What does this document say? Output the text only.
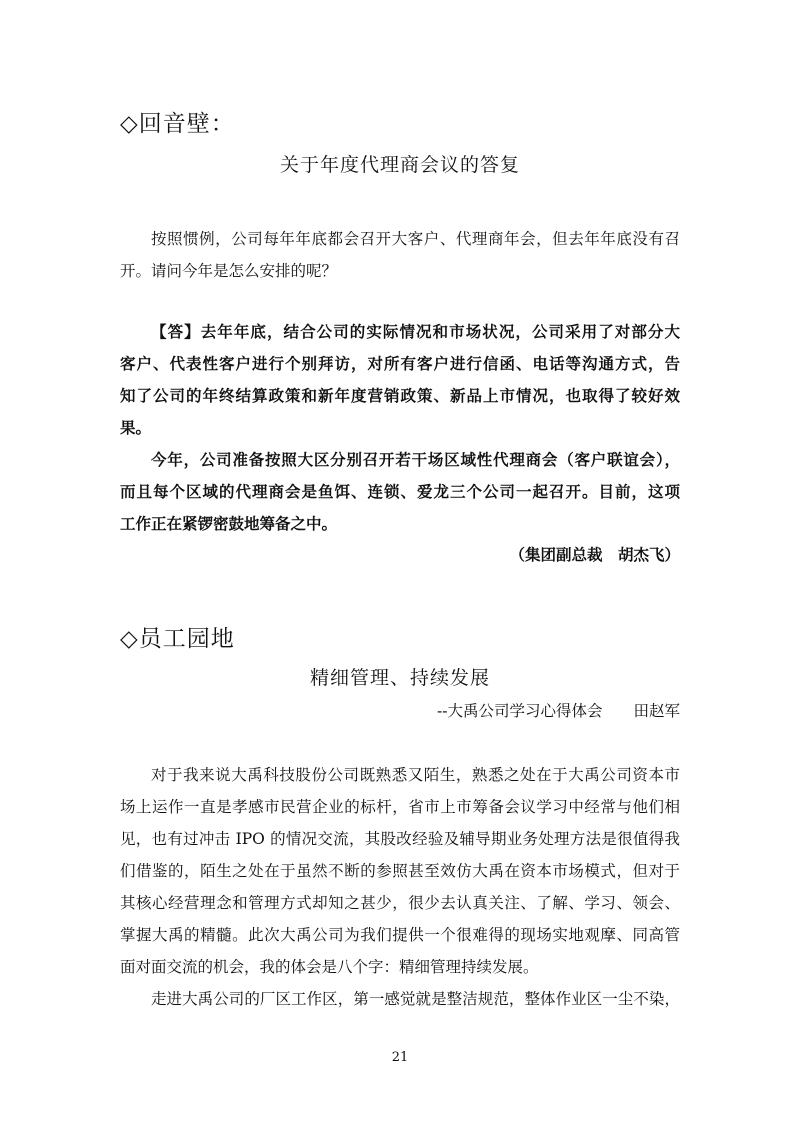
◇回音壁：
关于年度代理商会议的答复
按照惯例，公司每年年底都会召开大客户、代理商年会，但去年年底没有召
开。请问今年是怎么安排的呢？
【答】去年年底，结合公司的实际情况和市场状况，公司采用了对部分大
客户、代表性客户进行个别拜访，对所有客户进行信函、电话等沟通方式，告
知了公司的年终结算政策和新年度营销政策、新品上市情况，也取得了较好效
果。
今年，公司准备按照大区分别召开若干场区域性代理商会（客户联谊会），
而且每个区域的代理商会是鱼饵、连锁、爱龙三个公司一起召开。目前，这项
工作正在紧锣密鼓地筹备之中。
（集团副总裁　胡杰飞）
◇员工园地
精细管理、持续发展
--大禹公司学习心得体会　　田赵军
对于我来说大禹科技股份公司既熟悉又陌生，熟悉之处在于大禹公司资本市
场上运作一直是孝感市民营企业的标杆，省市上市筹备会议学习中经常与他们相
见，也有过冲击 IPO 的情况交流，其股改经验及辅导期业务处理方法是很值得我
们借鉴的，陌生之处在于虽然不断的参照甚至效仿大禹在资本市场模式，但对于
其核心经营理念和管理方式却知之甚少，很少去认真关注、了解、学习、领会、
掌握大禹的精髓。此次大禹公司为我们提供一个很难得的现场实地观摩、同高管
面对面交流的机会，我的体会是八个字：精细管理持续发展。
走进大禹公司的厂区工作区，第一感觉就是整洁规范，整体作业区一尘不染，
21
